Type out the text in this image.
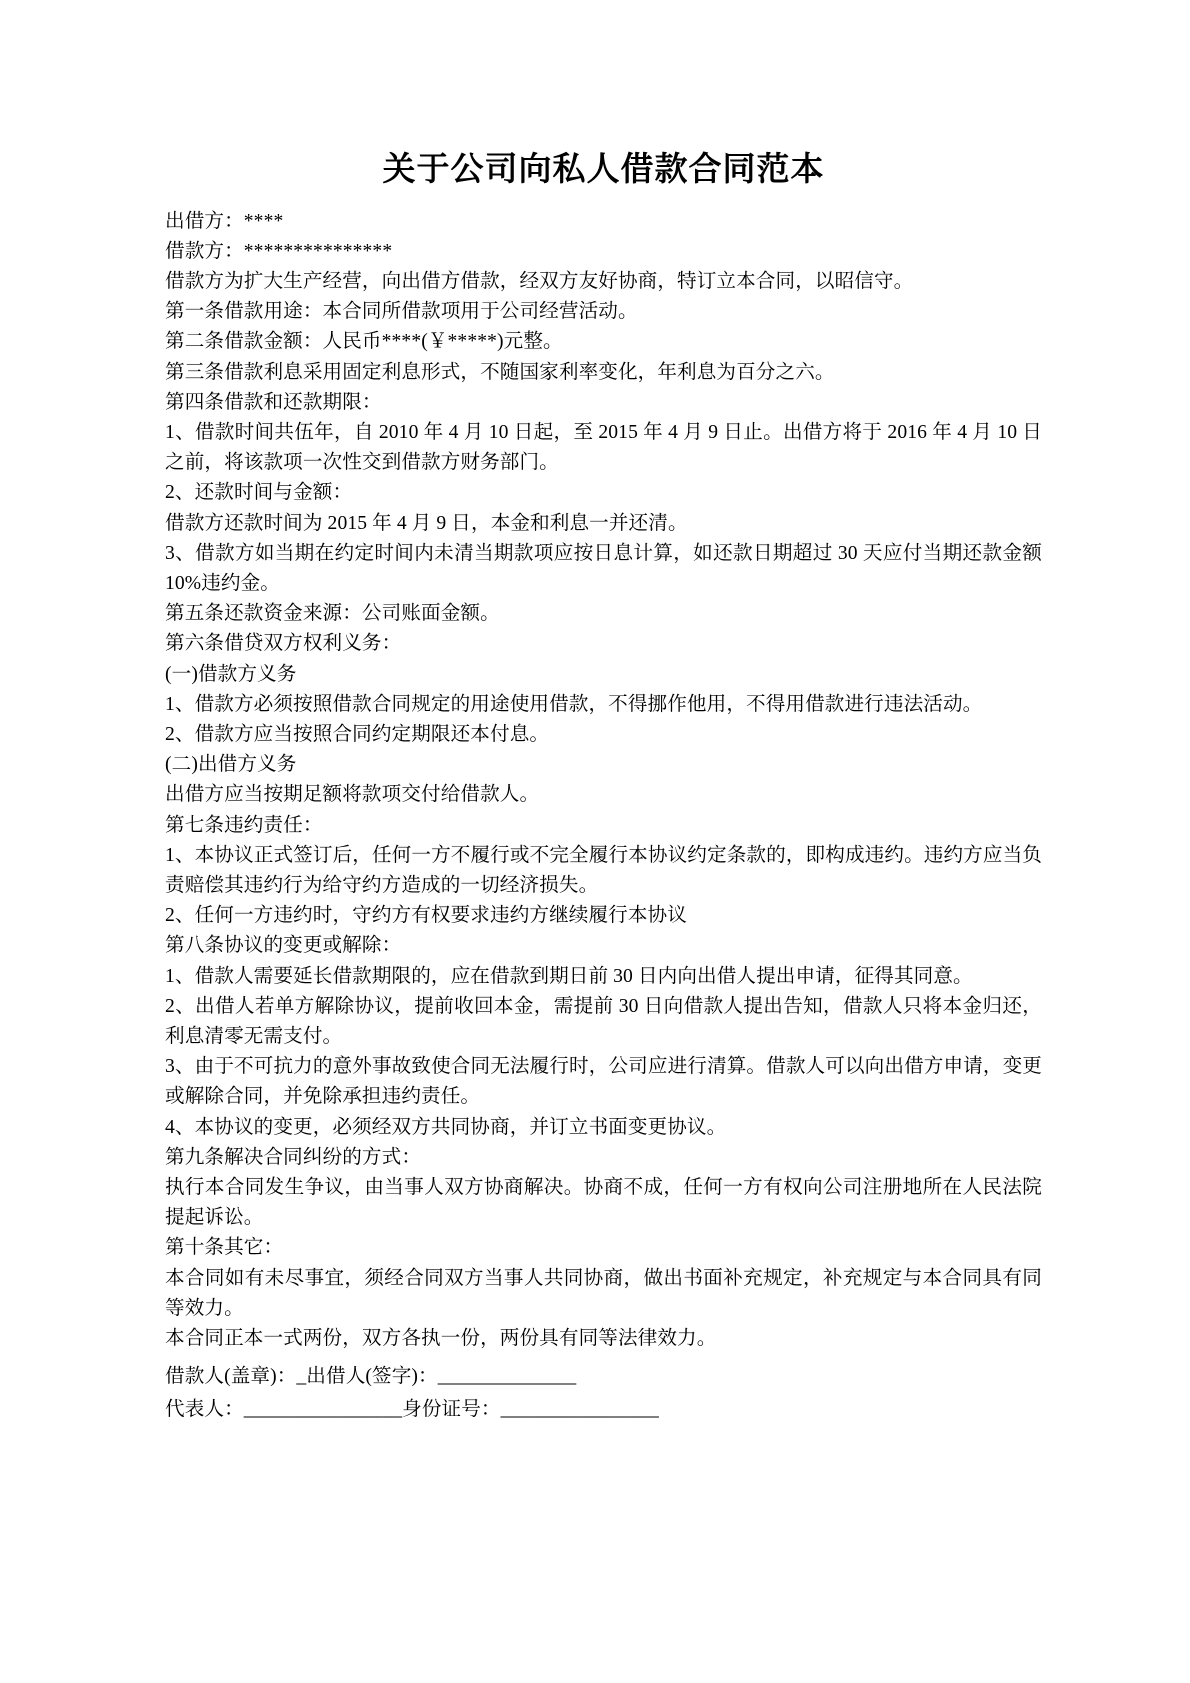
关于公司向私人借款合同范本

出借方：****

借款方：***************

借款方为扩大生产经营，向出借方借款，经双方友好协商，特订立本合同，以昭信守。

第一条借款用途：本合同所借款项用于公司经营活动。

第二条借款金额：人民币****(￥*****)元整。

第三条借款利息采用固定利息形式，不随国家利率变化，年利息为百分之六。

第四条借款和还款期限：

1、借款时间共伍年，自 2010 年 4 月 10 日起，至 2015 年 4 月 9 日止。出借方将于 2016 年 4 月 10 日之前，将该款项一次性交到借款方财务部门。

2、还款时间与金额：

借款方还款时间为 2015 年 4 月 9 日，本金和利息一并还清。

3、借款方如当期在约定时间内未清当期款项应按日息计算，如还款日期超过 30 天应付当期还款金额 10%违约金。

第五条还款资金来源：公司账面金额。

第六条借贷双方权利义务：

(一)借款方义务

1、借款方必须按照借款合同规定的用途使用借款，不得挪作他用，不得用借款进行违法活动。

2、借款方应当按照合同约定期限还本付息。

(二)出借方义务

出借方应当按期足额将款项交付给借款人。

第七条违约责任：

1、本协议正式签订后，任何一方不履行或不完全履行本协议约定条款的，即构成违约。违约方应当负责赔偿其违约行为给守约方造成的一切经济损失。

2、任何一方违约时，守约方有权要求违约方继续履行本协议

第八条协议的变更或解除：

1、借款人需要延长借款期限的，应在借款到期日前 30 日内向出借人提出申请，征得其同意。

2、出借人若单方解除协议，提前收回本金，需提前 30 日向借款人提出告知，借款人只将本金归还，利息清零无需支付。

3、由于不可抗力的意外事故致使合同无法履行时，公司应进行清算。借款人可以向出借方申请，变更或解除合同，并免除承担违约责任。

4、本协议的变更，必须经双方共同协商，并订立书面变更协议。

第九条解决合同纠纷的方式：

执行本合同发生争议，由当事人双方协商解决。协商不成，任何一方有权向公司注册地所在人民法院提起诉讼。

第十条其它：

本合同如有未尽事宜，须经合同双方当事人共同协商，做出书面补充规定，补充规定与本合同具有同等效力。

本合同正本一式两份，双方各执一份，两份具有同等法律效力。

借款人(盖章)：_出借人(签字)：______________

代表人：________________身份证号：________________
